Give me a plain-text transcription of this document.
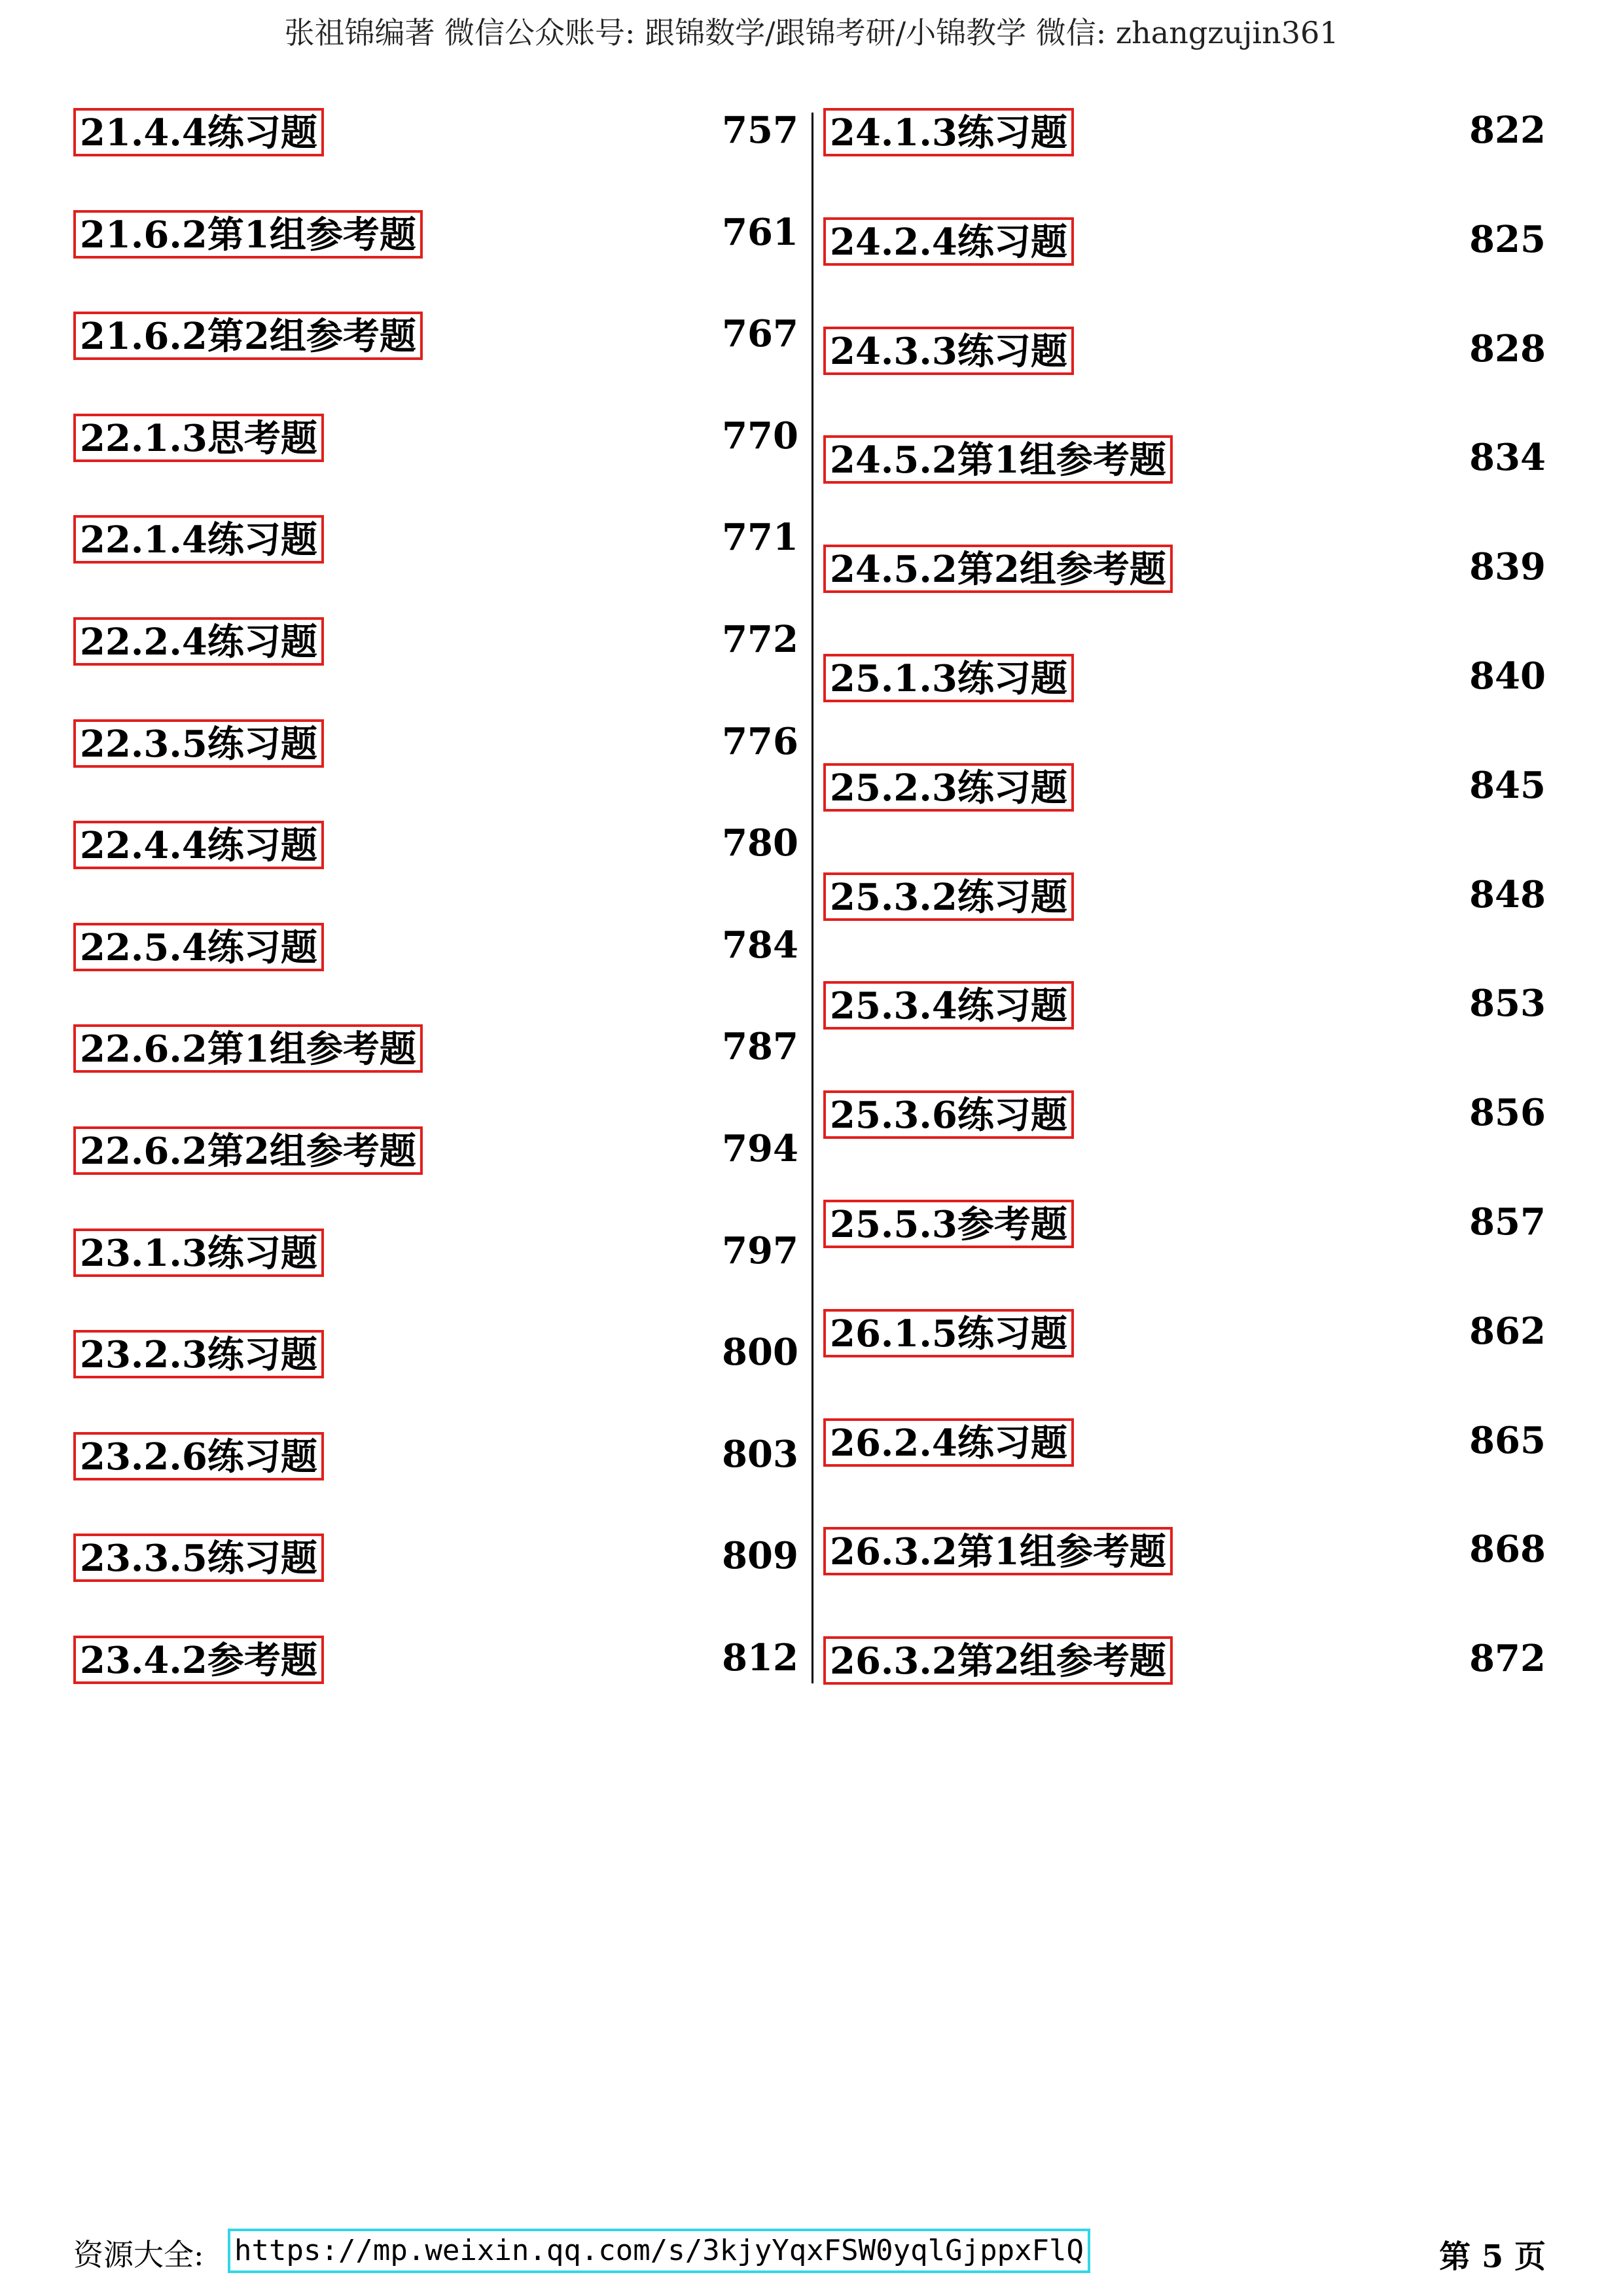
张祖锦编著 微信公众账号: 跟锦数学/跟锦考研/小锦教学 微信: zhangzujin361
21.4.4练习题	757
21.6.2第1组参考题	761
21.6.2第2组参考题	767
22.1.3思考题	770
22.1.4练习题	771
22.2.4练习题	772
22.3.5练习题	776
22.4.4练习题	780
22.5.4练习题	784
22.6.2第1组参考题	787
22.6.2第2组参考题	794
23.1.3练习题	797
23.2.3练习题	800
23.2.6练习题	803
23.3.5练习题	809
23.4.2参考题	812
24.1.3练习题	822
24.2.4练习题	825
24.3.3练习题	828
24.5.2第1组参考题	834
24.5.2第2组参考题	839
25.1.3练习题	840
25.2.3练习题	845
25.3.2练习题	848
25.3.4练习题	853
25.3.6练习题	856
25.5.3参考题	857
26.1.5练习题	862
26.2.4练习题	865
26.3.2第1组参考题	868
26.3.2第2组参考题	872
资源大全: https://mp.weixin.qq.com/s/3kjyYqxFSW0yqlGjppxFlQ	第 5 页
